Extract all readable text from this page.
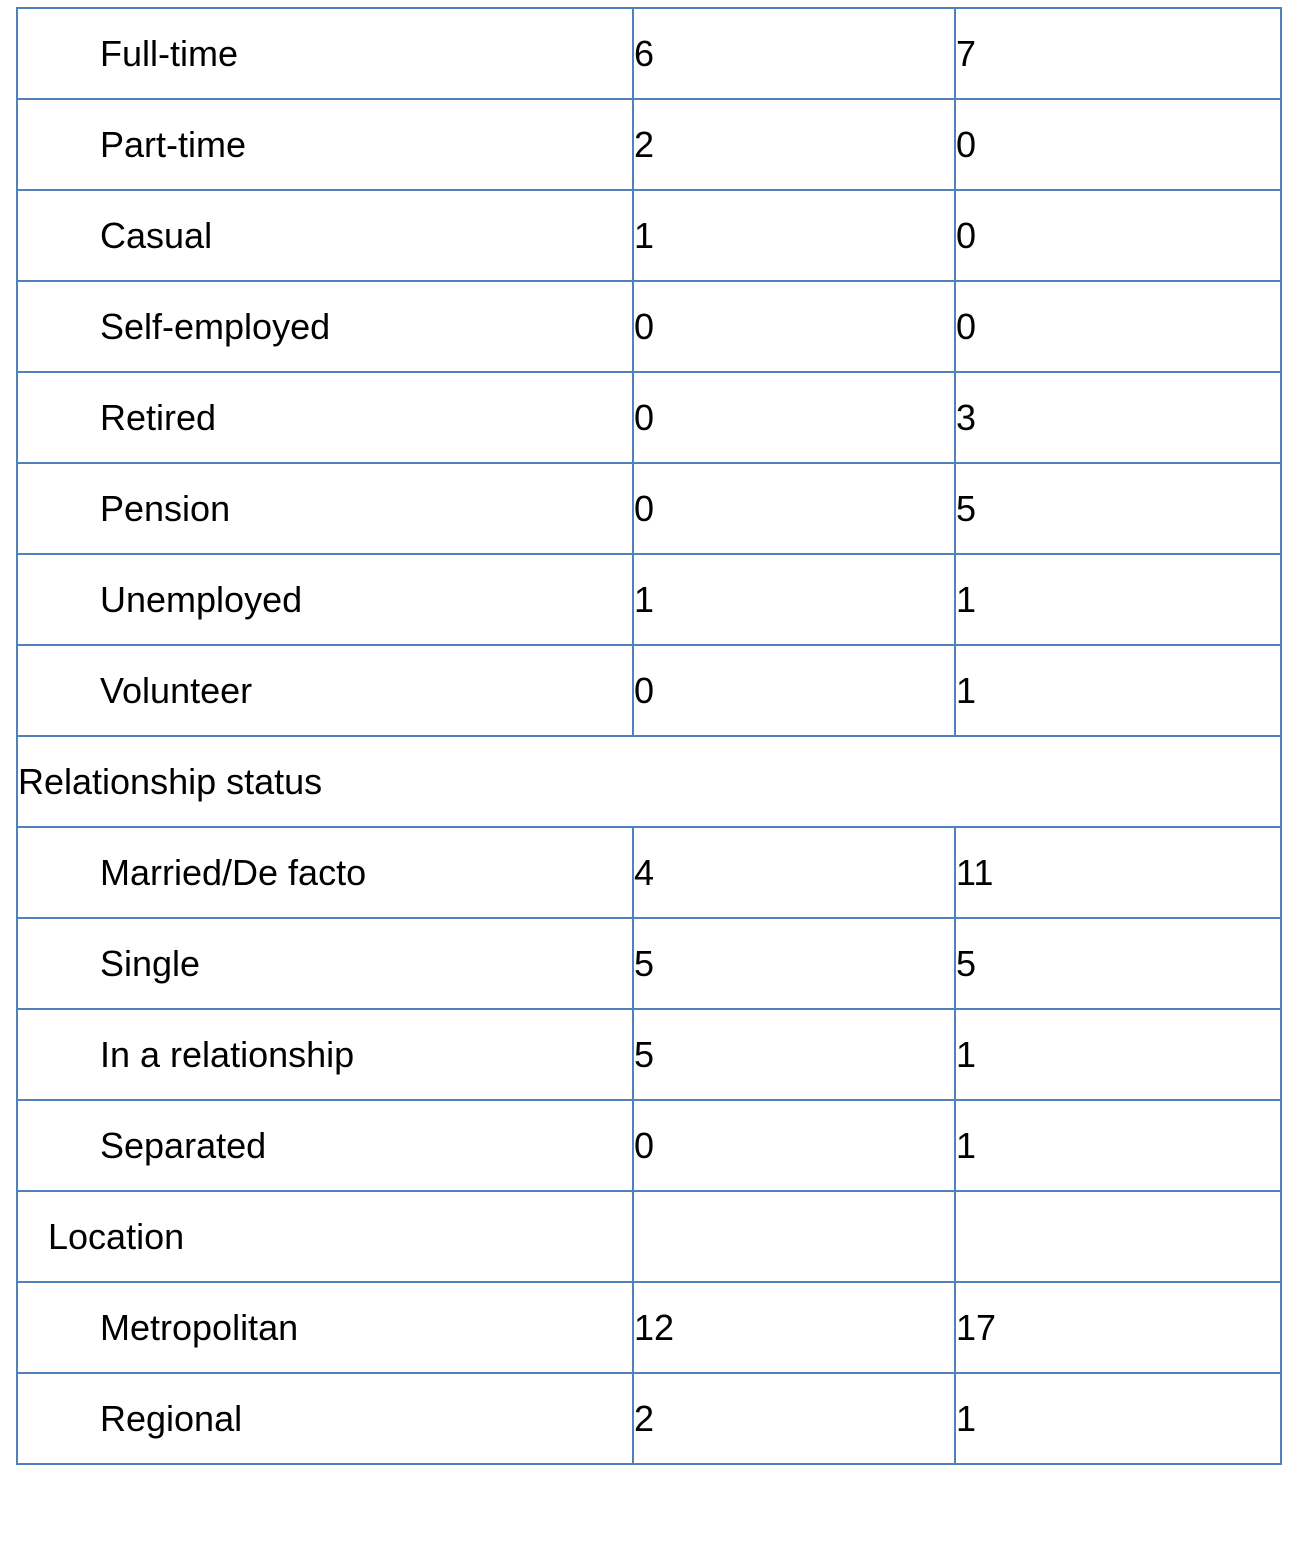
Full-time	6	7
Part-time	2	0
Casual	1	0
Self-employed	0	0
Retired	0	3
Pension	0	5
Unemployed	1	1
Volunteer	0	1
Relationship status		
Married/De facto	4	11
Single	5	5
In a relationship	5	1
Separated	0	1
Location		
Metropolitan	12	17
Regional	2	1
